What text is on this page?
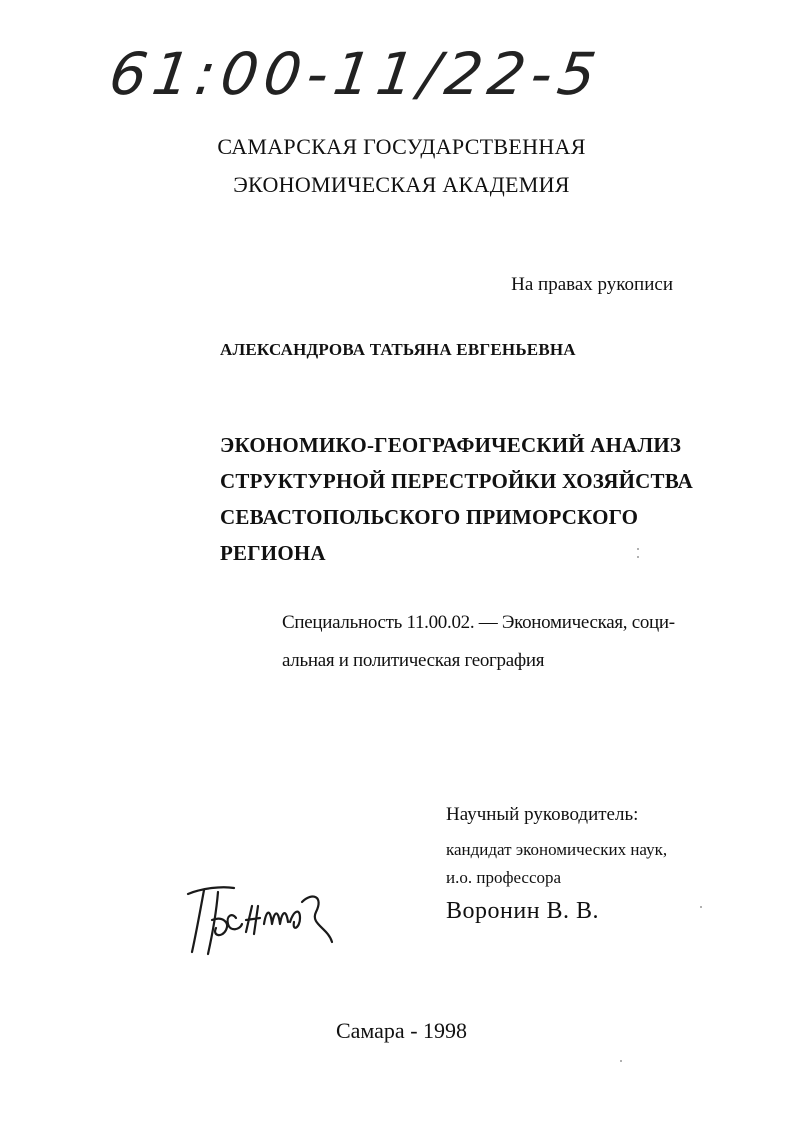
61:00-11/22-5
САМАРСКАЯ ГОСУДАРСТВЕННАЯ
ЭКОНОМИЧЕСКАЯ АКАДЕМИЯ
На правах рукописи
АЛЕКСАНДРОВА ТАТЬЯНА ЕВГЕНЬЕВНА
ЭКОНОМИКО-ГЕОГРАФИЧЕСКИЙ АНАЛИЗ
СТРУКТУРНОЙ ПЕРЕСТРОЙКИ ХОЗЯЙСТВА
СЕВАСТОПОЛЬСКОГО ПРИМОРСКОГО
РЕГИОНА
Специальность 11.00.02. — Экономическая, соци-
альная и политическая география
Научный руководитель:
кандидат экономических наук,
и.о. профессора
Воронин В. В.
Самара - 1998
